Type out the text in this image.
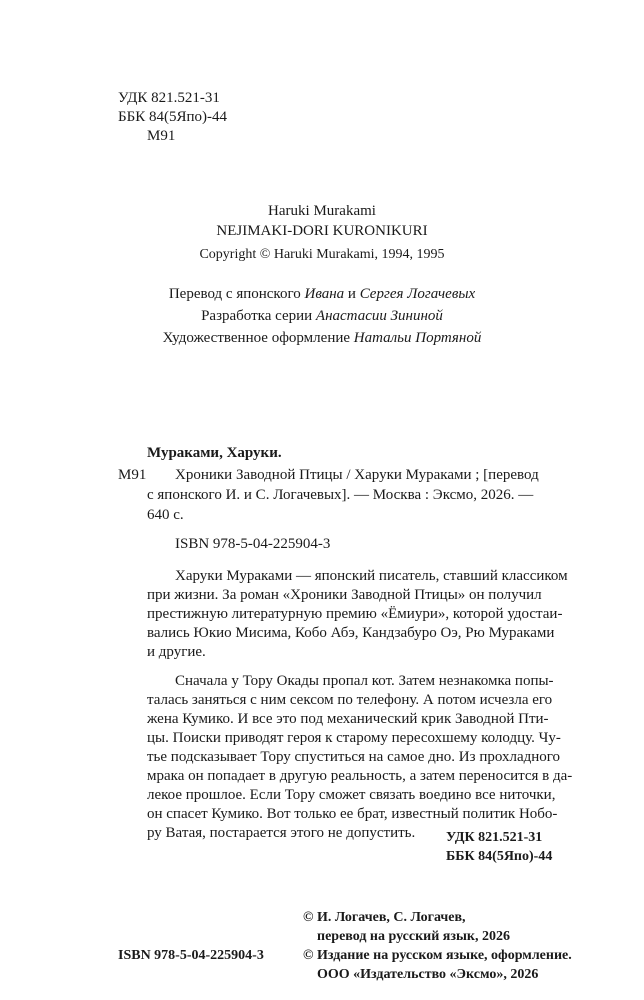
УДК 821.521-31
ББК 84(5Япо)-44
М91
Haruki Murakami
NEJIMAKI-DORI KURONIKURI
Copyright © Haruki Murakami, 1994, 1995
Перевод с японского Ивана и Сергея Логачевых
Разработка серии Анастасии Зининой
Художественное оформление Натальи Портяной
Мураками, Харуки.
М91 Хроники Заводной Птицы / Харуки Мураками ; [перевод
с японского И. и С. Логачевых]. — Москва : Эксмо, 2026. —
640 с.
ISBN 978-5-04-225904-3
Харуки Мураками — японский писатель, ставший классиком
при жизни. За роман «Хроники Заводной Птицы» он получил
престижную литературную премию «Ёмиури», которой удостаи-
вались Юкио Мисима, Кобо Абэ, Кандзабуро Оэ, Рю Мураками
и другие.
Сначала у Тору Окады пропал кот. Затем незнакомка попы-
талась заняться с ним сексом по телефону. А потом исчезла его
жена Кумико. И все это под механический крик Заводной Пти-
цы. Поиски приводят героя к старому пересохшему колодцу. Чу-
тье подсказывает Тору спуститься на самое дно. Из прохладного
мрака он попадает в другую реальность, а затем переносится в да-
лекое прошлое. Если Тору сможет связать воедино все ниточки,
он спасет Кумико. Вот только ее брат, известный политик Нобо-
ру Ватая, постарается этого не допустить. УДК 821.521-31
ББК 84(5Япо)-44
ISBN 978-5-04-225904-3
© И. Логачев, С. Логачев,
перевод на русский язык, 2026
© Издание на русском языке, оформление.
ООО «Издательство «Эксмо», 2026
